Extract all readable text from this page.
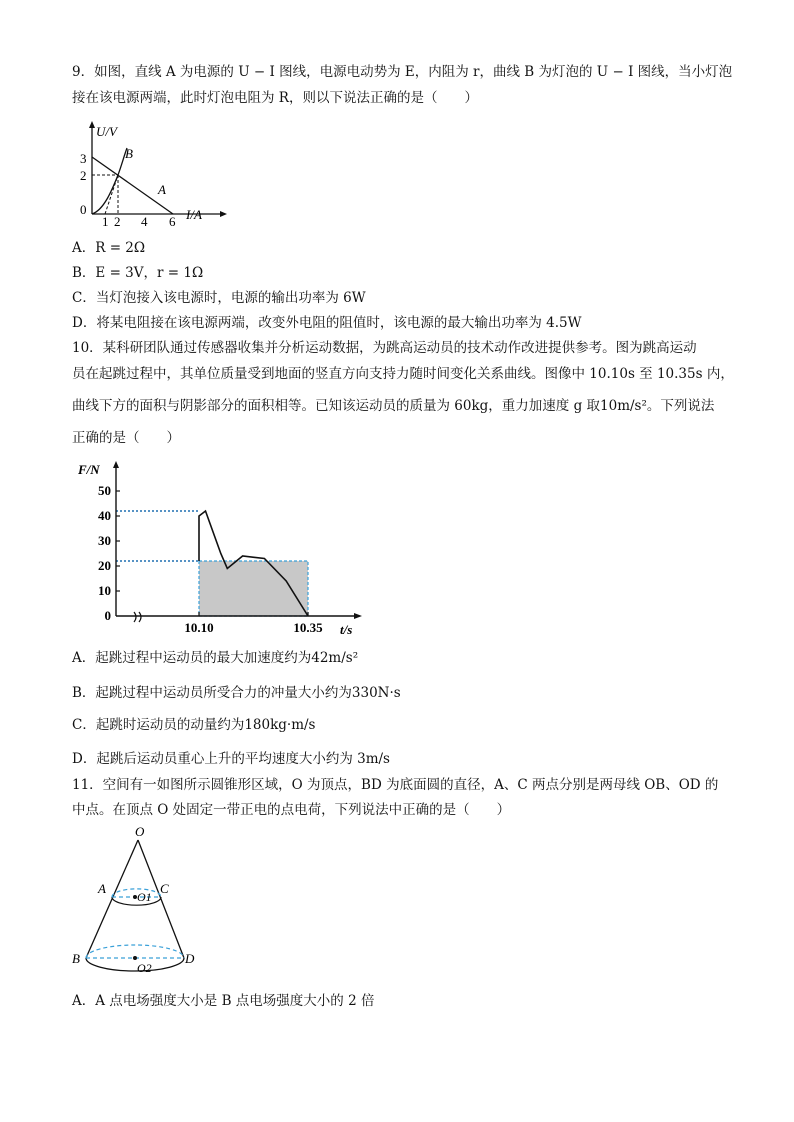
9．如图，直线 A 为电源的 U − I 图线，电源电动势为 E，内阻为 r，曲线 B 为灯泡的 U − I 图线，当小灯泡
接在该电源两端，此时灯泡电阻为 R，则以下说法正确的是（　　）
U/V
I/A
3
2
0
1 2 4 6
B
A
A．R = 2Ω
B．E = 3V，r = 1Ω
C．当灯泡接入该电源时，电源的输出功率为 6W
D．将某电阻接在该电源两端，改变外电阻的阻值时，该电源的最大输出功率为 4.5W
10．某科研团队通过传感器收集并分析运动数据，为跳高运动员的技术动作改进提供参考。图为跳高运动
员在起跳过程中，其单位质量受到地面的竖直方向支持力随时间变化关系曲线。图像中 10.10s 至 10.35s 内，
曲线下方的面积与阴影部分的面积相等。已知该运动员的质量为 60kg，重力加速度 g 取10m/s²。下列说法
正确的是（　　）
0
10
20
30
40
50
10.10	10.35
F/N
t/s
A．起跳过程中运动员的最大加速度约为42m/s²
B．起跳过程中运动员所受合力的冲量大小约为330N·s
C．起跳时运动员的动量约为180kg·m/s
D．起跳后运动员重心上升的平均速度大小约为 3m/s
11．空间有一如图所示圆锥形区域，O 为顶点，BD 为底面圆的直径，A、C 两点分别是两母线 OB、OD 的
中点。在顶点 O 处固定一带正电的点电荷，下列说法中正确的是（　　）
O
A	C
O1
B	D
O2
A．A 点电场强度大小是 B 点电场强度大小的 2 倍
